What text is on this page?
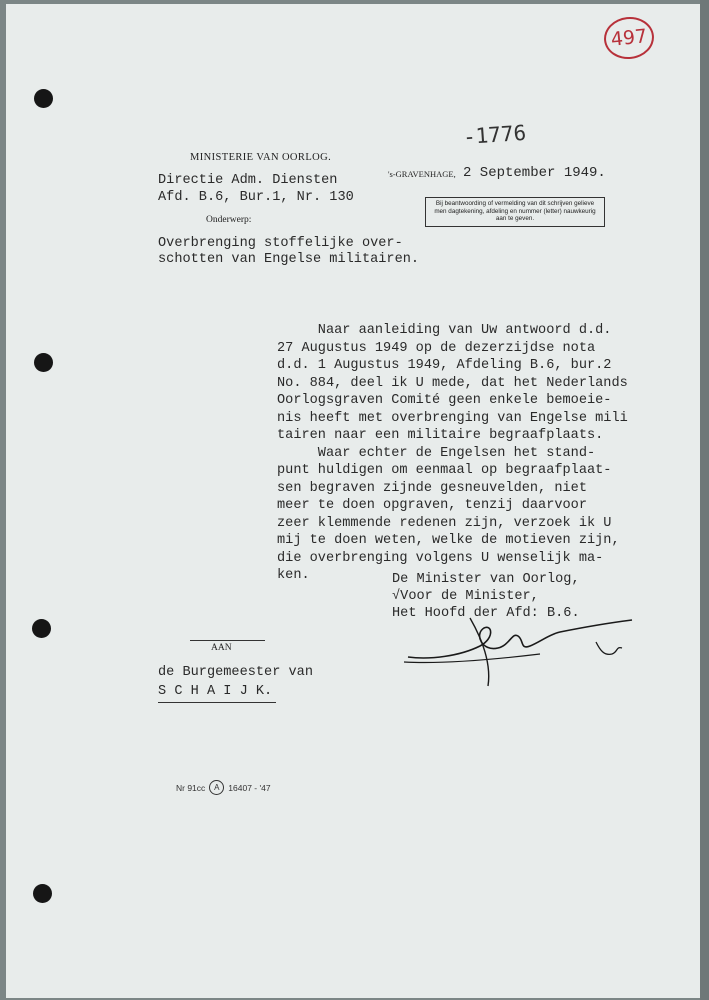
497
-1776
MINISTERIE VAN OORLOG.
's-GRAVENHAGE, 2 September 1949.
Directie Adm. Diensten
Afd. B.6, Bur.1, Nr. 130	Bij beantwoording of vermelding van dit schrijven gelieve men dagtekening, afdeling en nummer (letter) nauwkeurig aan te geven.
Onderwerp:
Overbrenging stoffelijke over-
schotten van Engelse militairen.
Naar aanleiding van Uw antwoord d.d.
27 Augustus 1949 op de dezerzijdse nota
d.d. 1 Augustus 1949, Afdeling B.6, bur.2
No. 884, deel ik U mede, dat het Nederlands
Oorlogsgraven Comité geen enkele bemoeie-
nis heeft met overbrenging van Engelse mili
tairen naar een militaire begraafplaats.
Waar echter de Engelsen het stand-
punt huldigen om eenmaal op begraafplaat-
sen begraven zijnde gesneuvelden, niet
meer te doen opgraven, tenzij daarvoor
zeer klemmende redenen zijn, verzoek ik U
mij te doen weten, welke de motieven zijn,
die overbrenging volgens U wenselijk ma-
ken.	De Minister van Oorlog,
√Voor de Minister,
Het Hoofd der Afd: B.6.
AAN
de Burgemeester van
S C H A I J K.
Nr 91cc A 16407 - '47
